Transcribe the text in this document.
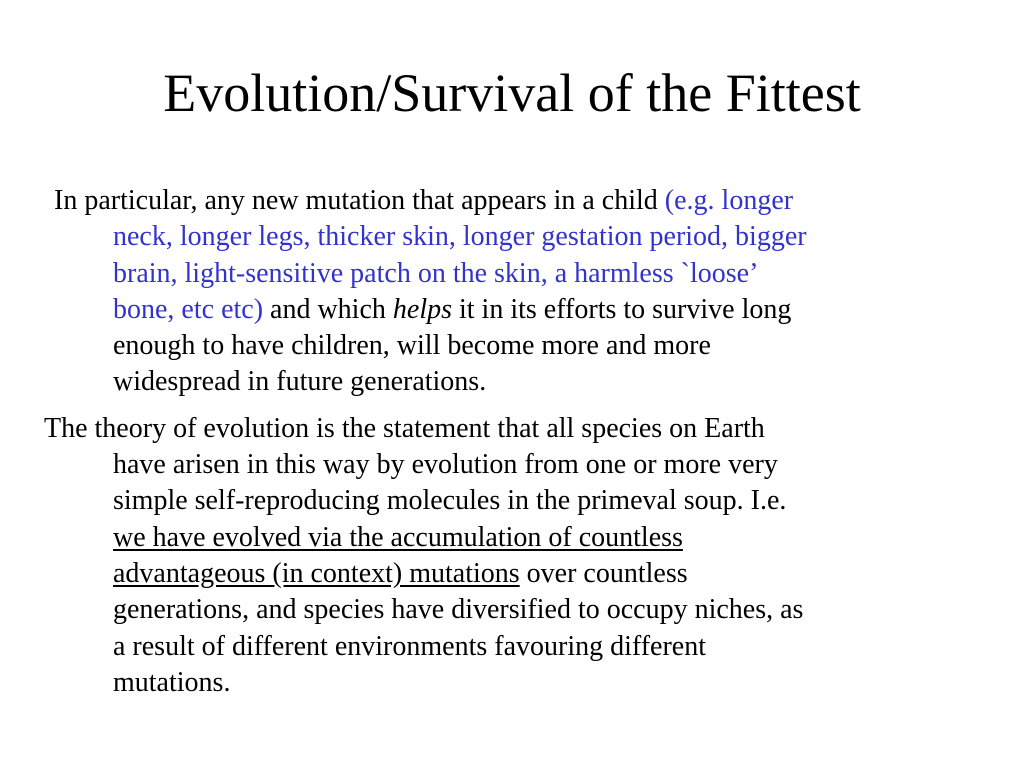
Evolution/Survival of the Fittest

In particular, any new mutation that appears in a child (e.g. longer
neck, longer legs, thicker skin, longer gestation period, bigger
brain, light-sensitive patch on the skin, a harmless `loose’
bone, etc etc) and which helps it in its efforts to survive long
enough to have children, will become more and more
widespread in future generations.

The theory of evolution is the statement that all species on Earth
have arisen in this way by evolution from one or more very
simple self-reproducing molecules in the primeval soup. I.e.
we have evolved via the accumulation of countless
advantageous (in context) mutations over countless
generations, and species have diversified to occupy niches, as
a result of different environments favouring different
mutations.
